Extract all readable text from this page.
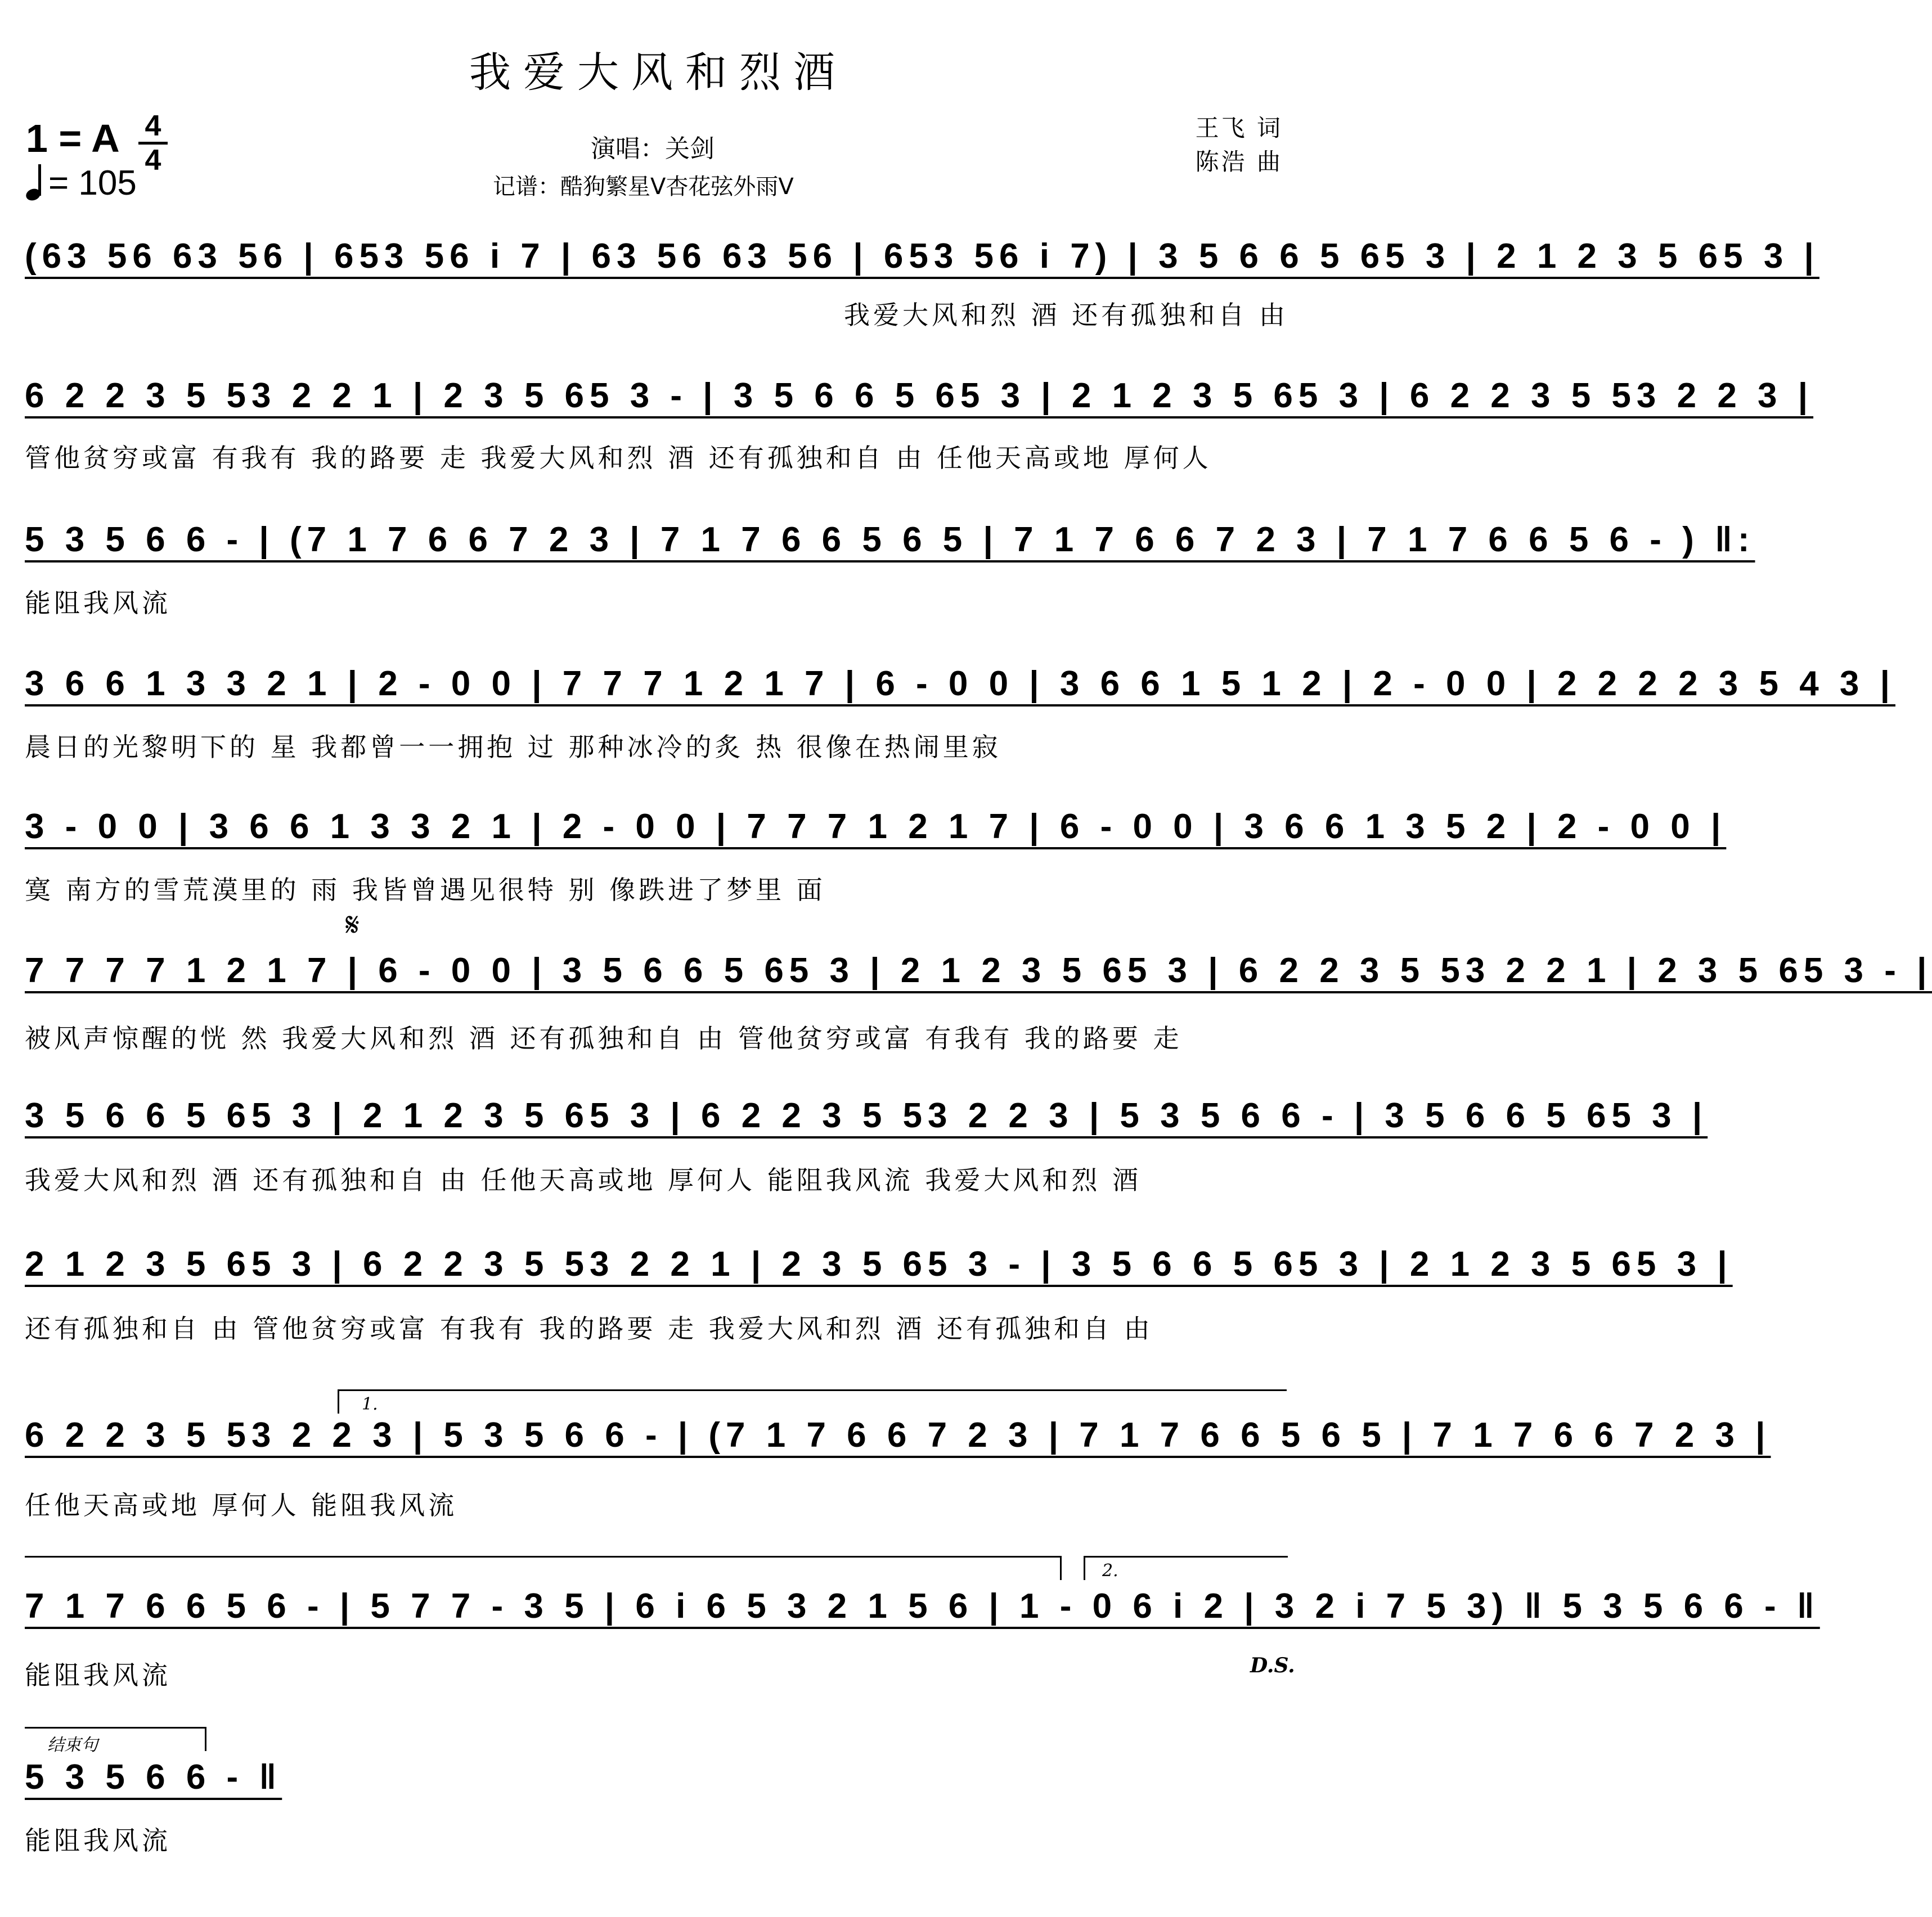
我爱大风和烈酒
1 = A 4
4
= 105
演唱：关剑
记谱：酷狗繁星V杏花弦外雨V
王飞 词
陈浩 曲
(63 56 63 56 | 653 56 i 7 | 63 56 63 56 | 653 56 i 7) | 3 5 6 6 5 65 3 | 2 1 2 3 5 65 3 |
我爱大风和烈 酒 还有孤独和自 由
6 2 2 3 5 53 2 2 1 | 2 3 5 65 3 - | 3 5 6 6 5 65 3 | 2 1 2 3 5 65 3 | 6 2 2 3 5 53 2 2 3 |
管他贫穷或富 有我有 我的路要 走 我爱大风和烈 酒 还有孤独和自 由 任他天高或地 厚何人
5 3 5 6 6 - | (7 1 7 6 6 7 2 3 | 7 1 7 6 6 5 6 5 | 7 1 7 6 6 7 2 3 | 7 1 7 6 6 5 6 - ) ‖:
能阻我风流
3 6 6 1 3 3 2 1 | 2 - 0 0 | 7 7 7 1 2 1 7 | 6 - 0 0 | 3 6 6 1 5 1 2 | 2 - 0 0 | 2 2 2 2 3 5 4 3 |
晨日的光黎明下的 星 我都曾一一拥抱 过 那种冰冷的炙 热 很像在热闹里寂
3 - 0 0 | 3 6 6 1 3 3 2 1 | 2 - 0 0 | 7 7 7 1 2 1 7 | 6 - 0 0 | 3 6 6 1 3 5 2 | 2 - 0 0 |
寞 南方的雪荒漠里的 雨 我皆曾遇见很特 别 像跌进了梦里 面
𝄋
7 7 7 7 1 2 1 7 | 6 - 0 0 | 3 5 6 6 5 65 3 | 2 1 2 3 5 65 3 | 6 2 2 3 5 53 2 2 1 | 2 3 5 65 3 - |
被风声惊醒的恍 然 我爱大风和烈 酒 还有孤独和自 由 管他贫穷或富 有我有 我的路要 走
3 5 6 6 5 65 3 | 2 1 2 3 5 65 3 | 6 2 2 3 5 53 2 2 3 | 5 3 5 6 6 - | 3 5 6 6 5 65 3 |
我爱大风和烈 酒 还有孤独和自 由 任他天高或地 厚何人 能阻我风流 我爱大风和烈 酒
2 1 2 3 5 65 3 | 6 2 2 3 5 53 2 2 1 | 2 3 5 65 3 - | 3 5 6 6 5 65 3 | 2 1 2 3 5 65 3 |
还有孤独和自 由 管他贫穷或富 有我有 我的路要 走 我爱大风和烈 酒 还有孤独和自 由
1.
6 2 2 3 5 53 2 2 3 | 5 3 5 6 6 - | (7 1 7 6 6 7 2 3 | 7 1 7 6 6 5 6 5 | 7 1 7 6 6 7 2 3 |
任他天高或地 厚何人 能阻我风流
2.
7 1 7 6 6 5 6 - | 5 7 7 - 3 5 | 6 i 6 5 3 2 1 5 6 | 1 - 0 6 i 2 | 3 2 i 7 5 3) ‖ 5 3 5 6 6 - ‖
能阻我风流	D.S.
结束句
5 3 5 6 6 - ‖
能阻我风流
